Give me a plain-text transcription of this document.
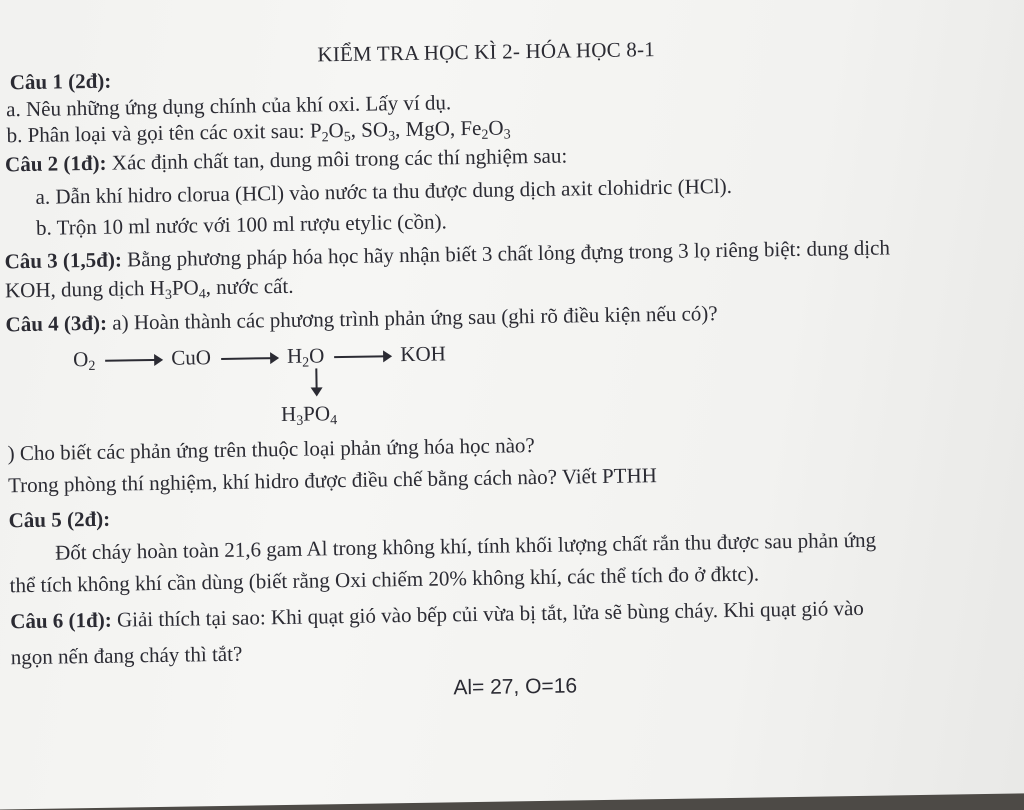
KIỂM TRA HỌC KÌ 2- HÓA HỌC 8-1
Câu 1 (2đ):
a. Nêu những ứng dụng chính của khí oxi. Lấy ví dụ.
b. Phân loại và gọi tên các oxit sau: $P_2O_5$, $SO_3$, MgO, $Fe_2O_3$
Câu 2 (1đ): Xác định chất tan, dung môi trong các thí nghiệm sau:
a. Dẫn khí hidro clorua (HCl) vào nước ta thu được dung dịch axit clohidric (HCl).
b. Trộn 10 ml nước với 100 ml rượu etylic (cồn).
Câu 3 (1,5đ): Bằng phương pháp hóa học hãy nhận biết 3 chất lỏng đựng trong 3 lọ riêng biệt: dung dịch
KOH, dung dịch $H_3PO_4$, nước cất.
Câu 4 (3đ): a) Hoàn thành các phương trình phản ứng sau (ghi rõ điều kiện nếu có)?
$O_2$	CuO	$H_2O$	KOH
$H_3PO_4$
) Cho biết các phản ứng trên thuộc loại phản ứng hóa học nào?
Trong phòng thí nghiệm, khí hidro được điều chế bằng cách nào? Viết PTHH
Câu 5 (2đ):
Đốt cháy hoàn toàn 21,6 gam Al trong không khí, tính khối lượng chất rắn thu được sau phản ứng
thể tích không khí cần dùng (biết rằng Oxi chiếm 20% không khí, các thể tích đo ở đktc).
Câu 6 (1đ): Giải thích tại sao: Khi quạt gió vào bếp củi vừa bị tắt, lửa sẽ bùng cháy. Khi quạt gió vào
ngọn nến đang cháy thì tắt?
Al= 27, O=16
